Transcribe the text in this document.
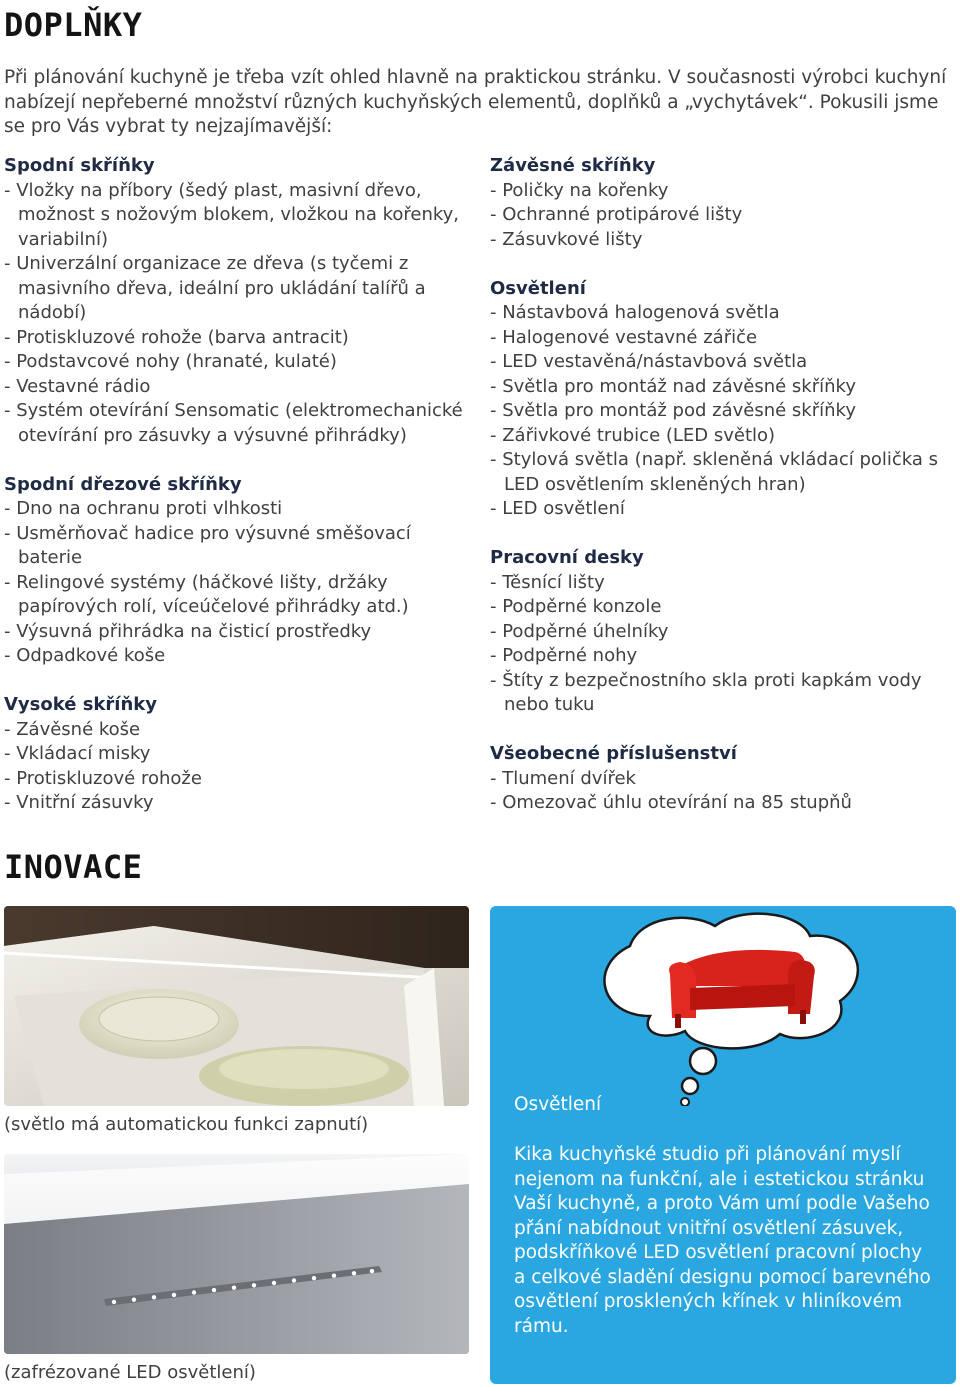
DOPLŇKY
Při plánování kuchyně je třeba vzít ohled hlavně na praktickou stránku. V současnosti výrobci kuchyní nabízejí nepřeberné množství různých kuchyňských elementů, doplňků a „vychytávek“. Pokusili jsme se pro Vás vybrat ty nejzajímavější:
Spodní skříňky
- Vložky na příbory (šedý plast, masivní dřevo, možnost s nožovým blokem, vložkou na kořenky, variabilní)
- Univerzální organizace ze dřeva (s tyčemi z masivního dřeva, ideální pro ukládání talířů a nádobí)
- Protiskluzové rohože (barva antracit)
- Podstavcové nohy (hranaté, kulaté)
- Vestavné rádio
- Systém otevírání Sensomatic (elektromechanické otevírání pro zásuvky a výsuvné přihrádky)
Spodní dřezové skříňky
- Dno na ochranu proti vlhkosti
- Usměrňovač hadice pro výsuvné směšovací baterie
- Relingové systémy (háčkové lišty, držáky papírových rolí, víceúčelové přihrádky atd.)
- Výsuvná přihrádka na čisticí prostředky
- Odpadkové koše
Vysoké skříňky
- Závěsné koše
- Vkládací misky
- Protiskluzové rohože
- Vnitřní zásuvky
Závěsné skříňky
- Poličky na kořenky
- Ochranné protipárové lišty
- Zásuvkové lišty
Osvětlení
- Nástavbová halogenová světla
- Halogenové vestavné zářiče
- LED vestavěná/nástavbová světla
- Světla pro montáž nad závěsné skříňky
- Světla pro montáž pod závěsné skříňky
- Zářivkové trubice (LED světlo)
- Stylová světla (např. skleněná vkládací polička s LED osvětlením skleněných hran)
- LED osvětlení
Pracovní desky
- Těsnící lišty
- Podpěrné konzole
- Podpěrné úhelníky
- Podpěrné nohy
- Štíty z bezpečnostního skla proti kapkám vody nebo tuku
Všeobecné příslušenství
- Tlumení dvířek
- Omezovač úhlu otevírání na 85 stupňů
INOVACE
(světlo má automatickou funkci zapnutí)
(zafrézované LED osvětlení)
Osvětlení
Kika kuchyňské studio při plánování myslí nejenom na funkční, ale i estetickou stránku Vaší kuchyně, a proto Vám umí podle Vašeho přání nabídnout vnitřní osvětlení zásuvek, podskříňkové LED osvětlení pracovní plochy a celkové sladění designu pomocí barevného osvětlení prosklených křínek v hliníkovém rámu.
